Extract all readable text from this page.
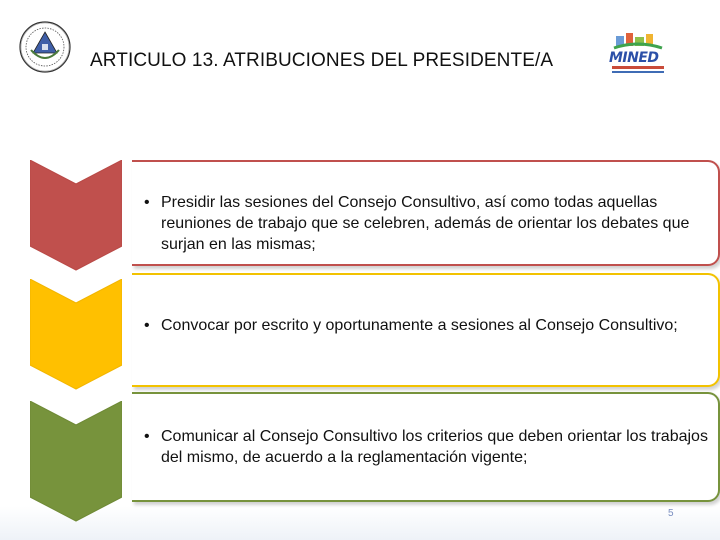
ARTICULO 13. ATRIBUCIONES DEL PRESIDENTE/A	MINED
• Presidir las sesiones del Consejo Consultivo, así como todas aquellas reuniones de trabajo que se celebren, además de orientar los debates que surjan en las mismas;
• Convocar por escrito y oportunamente a sesiones al Consejo Consultivo;
• Comunicar al Consejo Consultivo los criterios que deben orientar los trabajos del mismo, de acuerdo a la reglamentación vigente;
5
